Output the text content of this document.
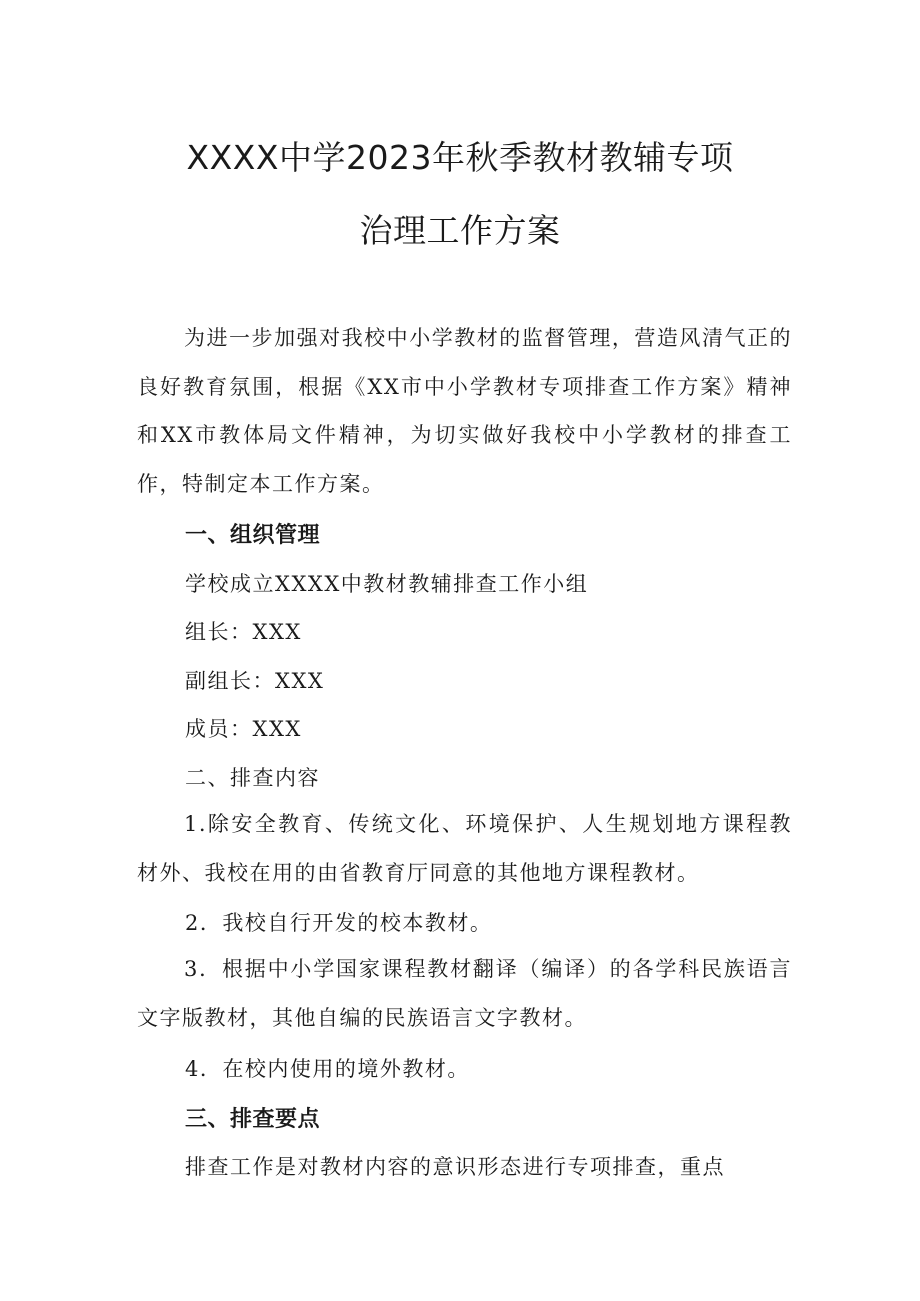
XXXX中学2023年秋季教材教辅专项
治理工作方案

为进一步加强对我校中小学教材的监督管理，营造风清气正的良好教育氛围，根据《XX市中小学教材专项排查工作方案》精神和XX市教体局文件精神，为切实做好我校中小学教材的排查工作，特制定本工作方案。

一、组织管理
学校成立XXXX中教材教辅排查工作小组
组长：XXX
副组长：XXX
成员：XXX
二、排查内容

1.除安全教育、传统文化、环境保护、人生规划地方课程教材外、我校在用的由省教育厅同意的其他地方课程教材。

2．我校自行开发的校本教材。

3．根据中小学国家课程教材翻译（编译）的各学科民族语言文字版教材，其他自编的民族语言文字教材。

4．在校内使用的境外教材。
三、排查要点
排查工作是对教材内容的意识形态进行专项排查，重点
